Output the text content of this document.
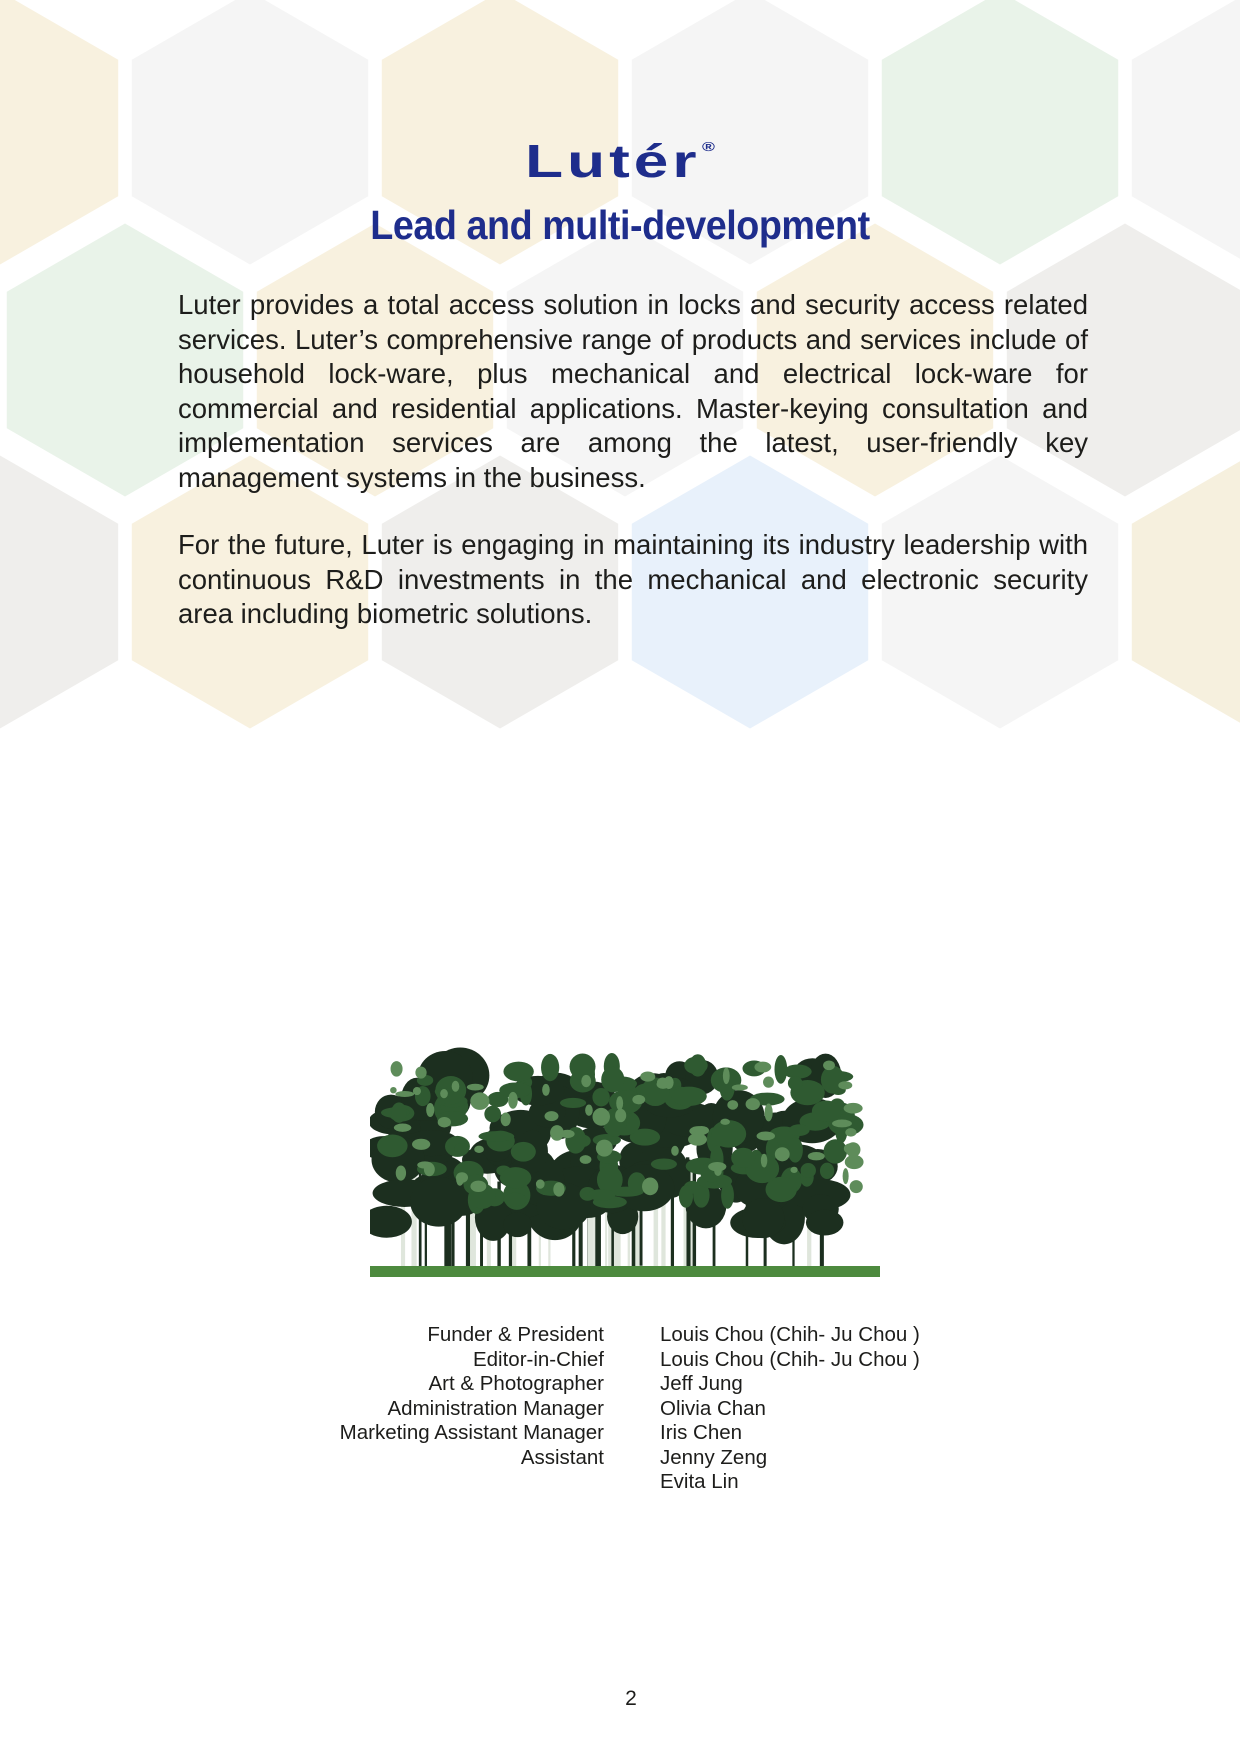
Lutér®
Lead and multi-development

Luter provides a total access solution in locks and security access related services. Luter’s comprehensive range of products and services include of household lock-ware, plus mechanical and electrical lock-ware for commercial and residential applications. Master-keying consultation and implementation services are among the latest, user-friendly key management systems in the business.

For the future, Luter is engaging in maintaining its industry leadership with continuous R&D investments in the mechanical and electronic security area including biometric solutions.

Funder & President
Editor-in-Chief
Art & Photographer
Administration Manager
Marketing Assistant Manager
Assistant
Louis Chou (Chih- Ju Chou )
Louis Chou (Chih- Ju Chou )
Jeff Jung
Olivia Chan
Iris Chen
Jenny Zeng
Evita Lin
2
